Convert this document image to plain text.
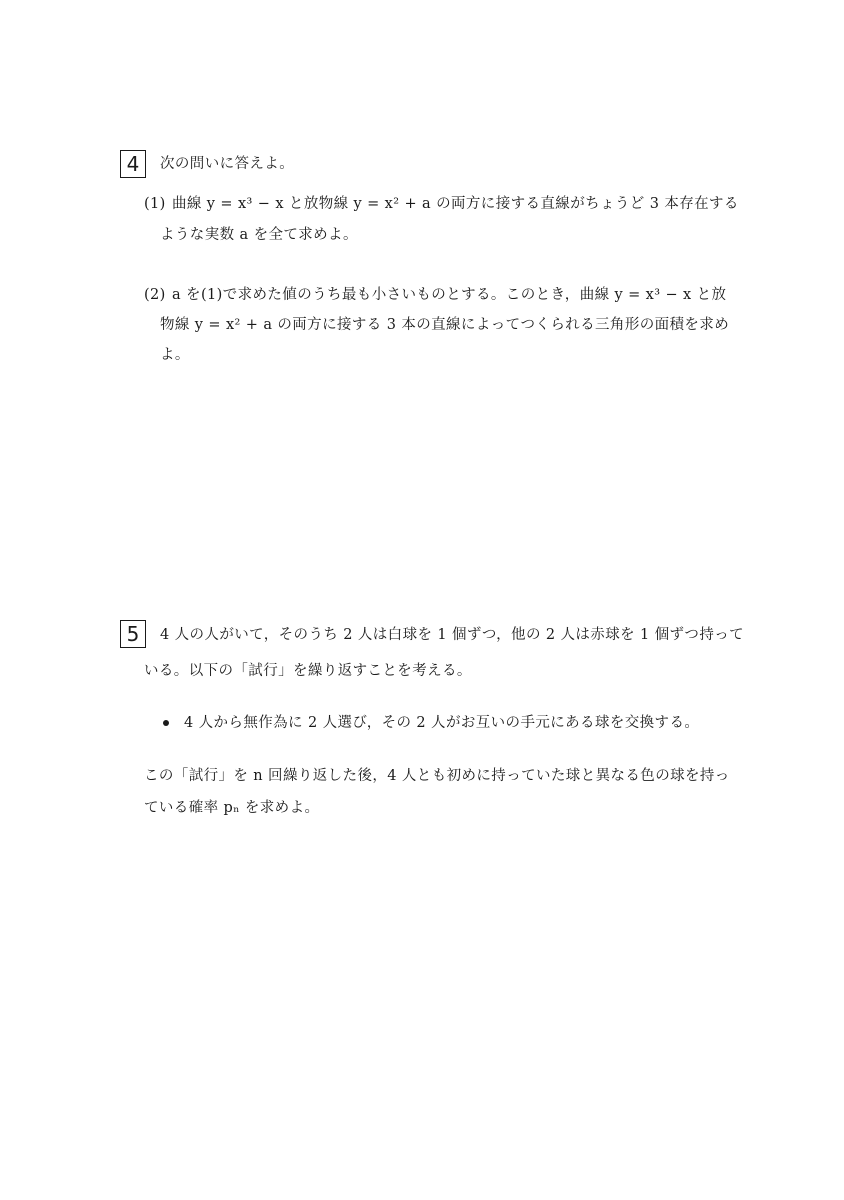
4 次の問いに答えよ。
(1) 曲線 y = x³ − x と放物線 y = x² + a の両方に接する直線がちょうど 3 本存在する
ような実数 a を全て求めよ。
(2) a を(1)で求めた値のうち最も小さいものとする。このとき，曲線 y = x³ − x と放
物線 y = x² + a の両方に接する 3 本の直線によってつくられる三角形の面積を求め
よ。
5 4 人の人がいて，そのうち 2 人は白球を 1 個ずつ，他の 2 人は赤球を 1 個ずつ持って
いる。以下の「試行」を繰り返すことを考える。
4 人から無作為に 2 人選び，その 2 人がお互いの手元にある球を交換する。
この「試行」を n 回繰り返した後，4 人とも初めに持っていた球と異なる色の球を持っ
ている確率 pₙ を求めよ。
